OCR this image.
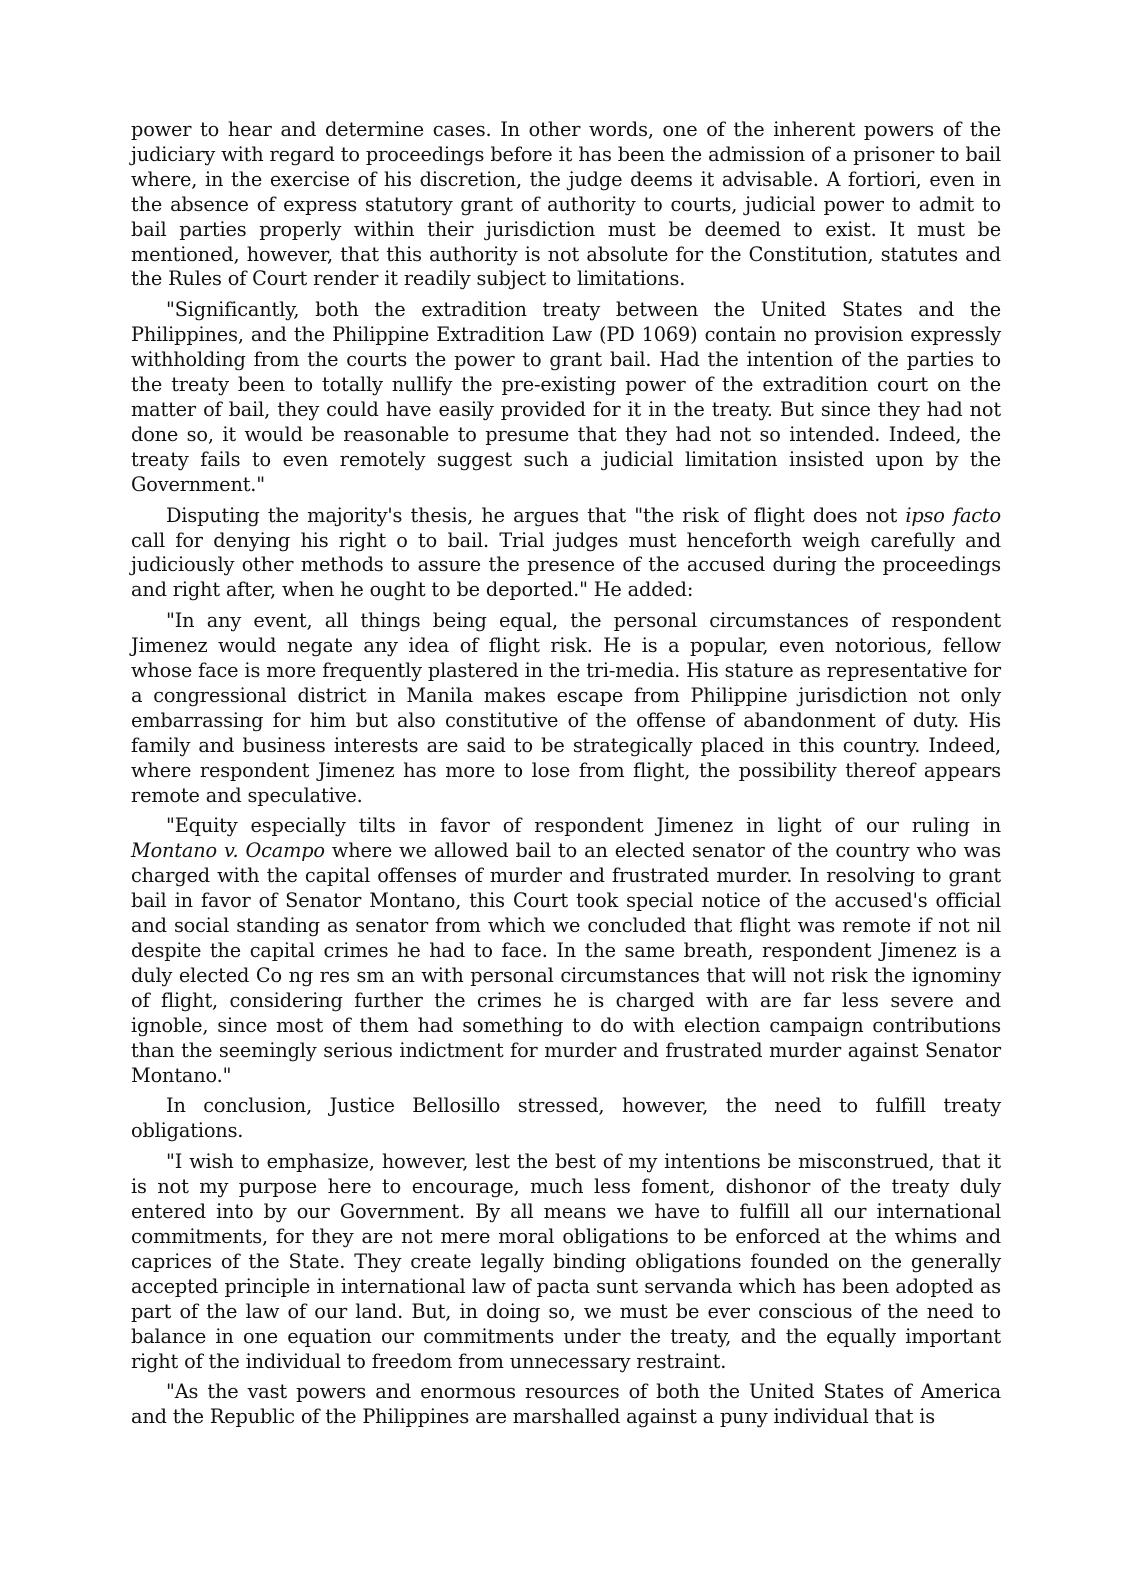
power to hear and determine cases. In other words, one of the inherent powers of the judiciary with regard to proceedings before it has been the admission of a prisoner to bail where, in the exercise of his discretion, the judge deems it advisable. A fortiori, even in the absence of express statutory grant of authority to courts, judicial power to admit to bail parties properly within their jurisdiction must be deemed to exist. It must be mentioned, however, that this authority is not absolute for the Constitution, statutes and the Rules of Court render it readily subject to limitations.

"Significantly, both the extradition treaty between the United States and the Philippines, and the Philippine Extradition Law (PD 1069) contain no provision expressly withholding from the courts the power to grant bail. Had the intention of the parties to the treaty been to totally nullify the pre-existing power of the extradition court on the matter of bail, they could have easily provided for it in the treaty. But since they had not done so, it would be reasonable to presume that they had not so intended. Indeed, the treaty fails to even remotely suggest such a judicial limitation insisted upon by the Government."

Disputing the majority's thesis, he argues that "the risk of flight does not ipso facto call for denying his right o to bail. Trial judges must henceforth weigh carefully and judiciously other methods to assure the presence of the accused during the proceedings and right after, when he ought to be deported." He added:

"In any event, all things being equal, the personal circumstances of respondent Jimenez would negate any idea of flight risk. He is a popular, even notorious, fellow whose face is more frequently plastered in the tri-media. His stature as representative for a congressional district in Manila makes escape from Philippine jurisdiction not only embarrassing for him but also constitutive of the offense of abandonment of duty. His family and business interests are said to be strategically placed in this country. Indeed, where respondent Jimenez has more to lose from flight, the possibility thereof appears remote and speculative.

"Equity especially tilts in favor of respondent Jimenez in light of our ruling in Montano v. Ocampo where we allowed bail to an elected senator of the country who was charged with the capital offenses of murder and frustrated murder. In resolving to grant bail in favor of Senator Montano, this Court took special notice of the accused's official and social standing as senator from which we concluded that flight was remote if not nil despite the capital crimes he had to face. In the same breath, respondent Jimenez is a duly elected Co ng res sm an with personal circumstances that will not risk the ignominy of flight, considering further the crimes he is charged with are far less severe and ignoble, since most of them had something to do with election campaign contributions than the seemingly serious indictment for murder and frustrated murder against Senator Montano."

In conclusion, Justice Bellosillo stressed, however, the need to fulfill treaty obligations.

"I wish to emphasize, however, lest the best of my intentions be misconstrued, that it is not my purpose here to encourage, much less foment, dishonor of the treaty duly entered into by our Government. By all means we have to fulfill all our international commitments, for they are not mere moral obligations to be enforced at the whims and caprices of the State. They create legally binding obligations founded on the generally accepted principle in international law of pacta sunt servanda which has been adopted as part of the law of our land. But, in doing so, we must be ever conscious of the need to balance in one equation our commitments under the treaty, and the equally important right of the individual to freedom from unnecessary restraint.

"As the vast powers and enormous resources of both the United States of America and the Republic of the Philippines are marshalled against a puny individual that is
